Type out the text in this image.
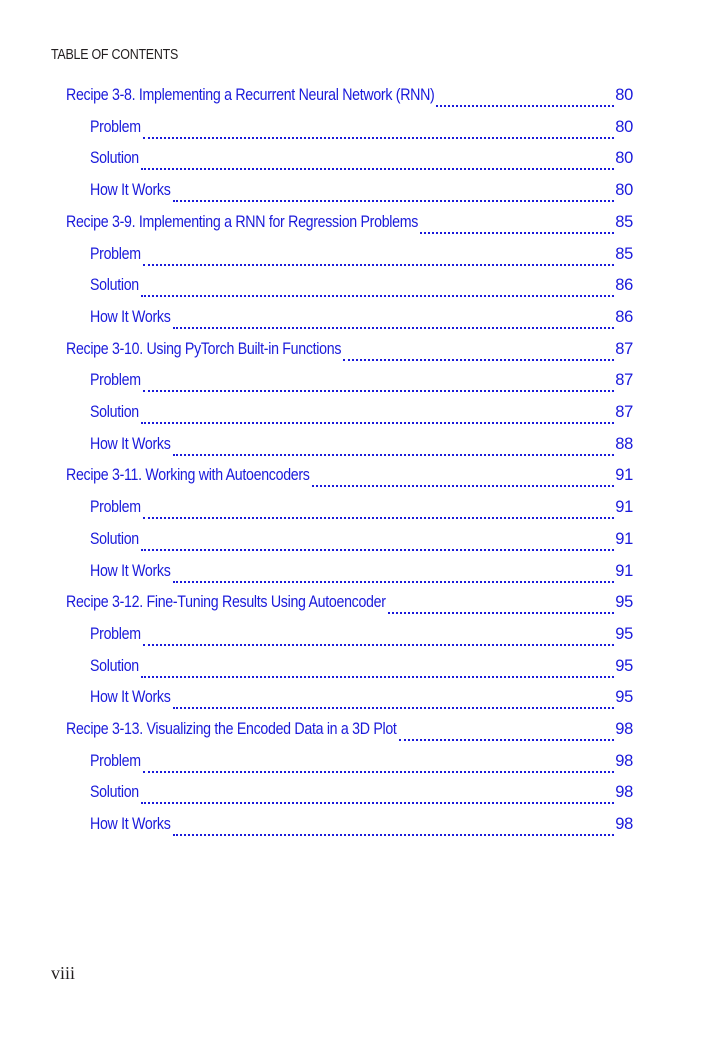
TABLE OF CONTENTS
Recipe 3-8. Implementing a Recurrent Neural Network (RNN)	80
Problem	80
Solution	80
How It Works	80
Recipe 3-9. Implementing a RNN for Regression Problems	85
Problem	85
Solution	86
How It Works	86
Recipe 3-10. Using PyTorch Built-in Functions	87
Problem	87
Solution	87
How It Works	88
Recipe 3-11. Working with Autoencoders	91
Problem	91
Solution	91
How It Works	91
Recipe 3-12. Fine-Tuning Results Using Autoencoder	95
Problem	95
Solution	95
How It Works	95
Recipe 3-13. Visualizing the Encoded Data in a 3D Plot	98
Problem	98
Solution	98
How It Works	98
viii
